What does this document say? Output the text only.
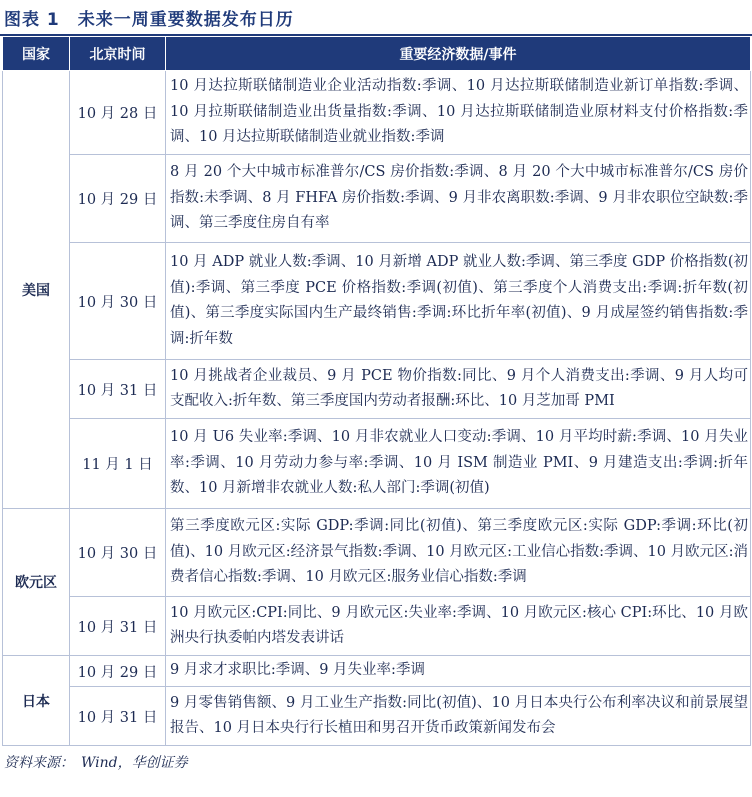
图表 1　未来一周重要数据发布日历
国家	北京时间	重要经济数据/事件
美国	10 月 28 日	10 月达拉斯联储制造业企业活动指数:季调、10 月达拉斯联储制造业新订单指数:季调、10 月拉斯联储制造业出货量指数:季调、10 月达拉斯联储制造业原材料支付价格指数:季调、10 月达拉斯联储制造业就业指数:季调
	10 月 29 日	8 月 20 个大中城市标准普尔/CS 房价指数:季调、8 月 20 个大中城市标准普尔/CS 房价指数:未季调、8 月 FHFA 房价指数:季调、9 月非农离职数:季调、9 月非农职位空缺数:季调、第三季度住房自有率
	10 月 30 日	10 月 ADP 就业人数:季调、10 月新增 ADP 就业人数:季调、第三季度 GDP 价格指数(初值):季调、第三季度 PCE 价格指数:季调(初值)、第三季度个人消费支出:季调:折年数(初值)、第三季度实际国内生产最终销售:季调:环比折年率(初值)、9 月成屋签约销售指数:季调:折年数
	10 月 31 日	10 月挑战者企业裁员、9 月 PCE 物价指数:同比、9 月个人消费支出:季调、9 月人均可支配收入:折年数、第三季度国内劳动者报酬:环比、10 月芝加哥 PMI
	11 月 1 日	10 月 U6 失业率:季调、10 月非农就业人口变动:季调、10 月平均时薪:季调、10 月失业率:季调、10 月劳动力参与率:季调、10 月 ISM 制造业 PMI、9 月建造支出:季调:折年数、10 月新增非农就业人数:私人部门:季调(初值)
欧元区	10 月 30 日	第三季度欧元区:实际 GDP:季调:同比(初值)、第三季度欧元区:实际 GDP:季调:环比(初值)、10 月欧元区:经济景气指数:季调、10 月欧元区:工业信心指数:季调、10 月欧元区:消费者信心指数:季调、10 月欧元区:服务业信心指数:季调
	10 月 31 日	10 月欧元区:CPI:同比、9 月欧元区:失业率:季调、10 月欧元区:核心 CPI:环比、10 月欧洲央行执委帕内塔发表讲话
日本	10 月 29 日	9 月求才求职比:季调、9 月失业率:季调
	10 月 31 日	9 月零售销售额、9 月工业生产指数:同比(初值)、10 月日本央行公布利率决议和前景展望报告、10 月日本央行行长植田和男召开货币政策新闻发布会
资料来源：　Wind，华创证券
